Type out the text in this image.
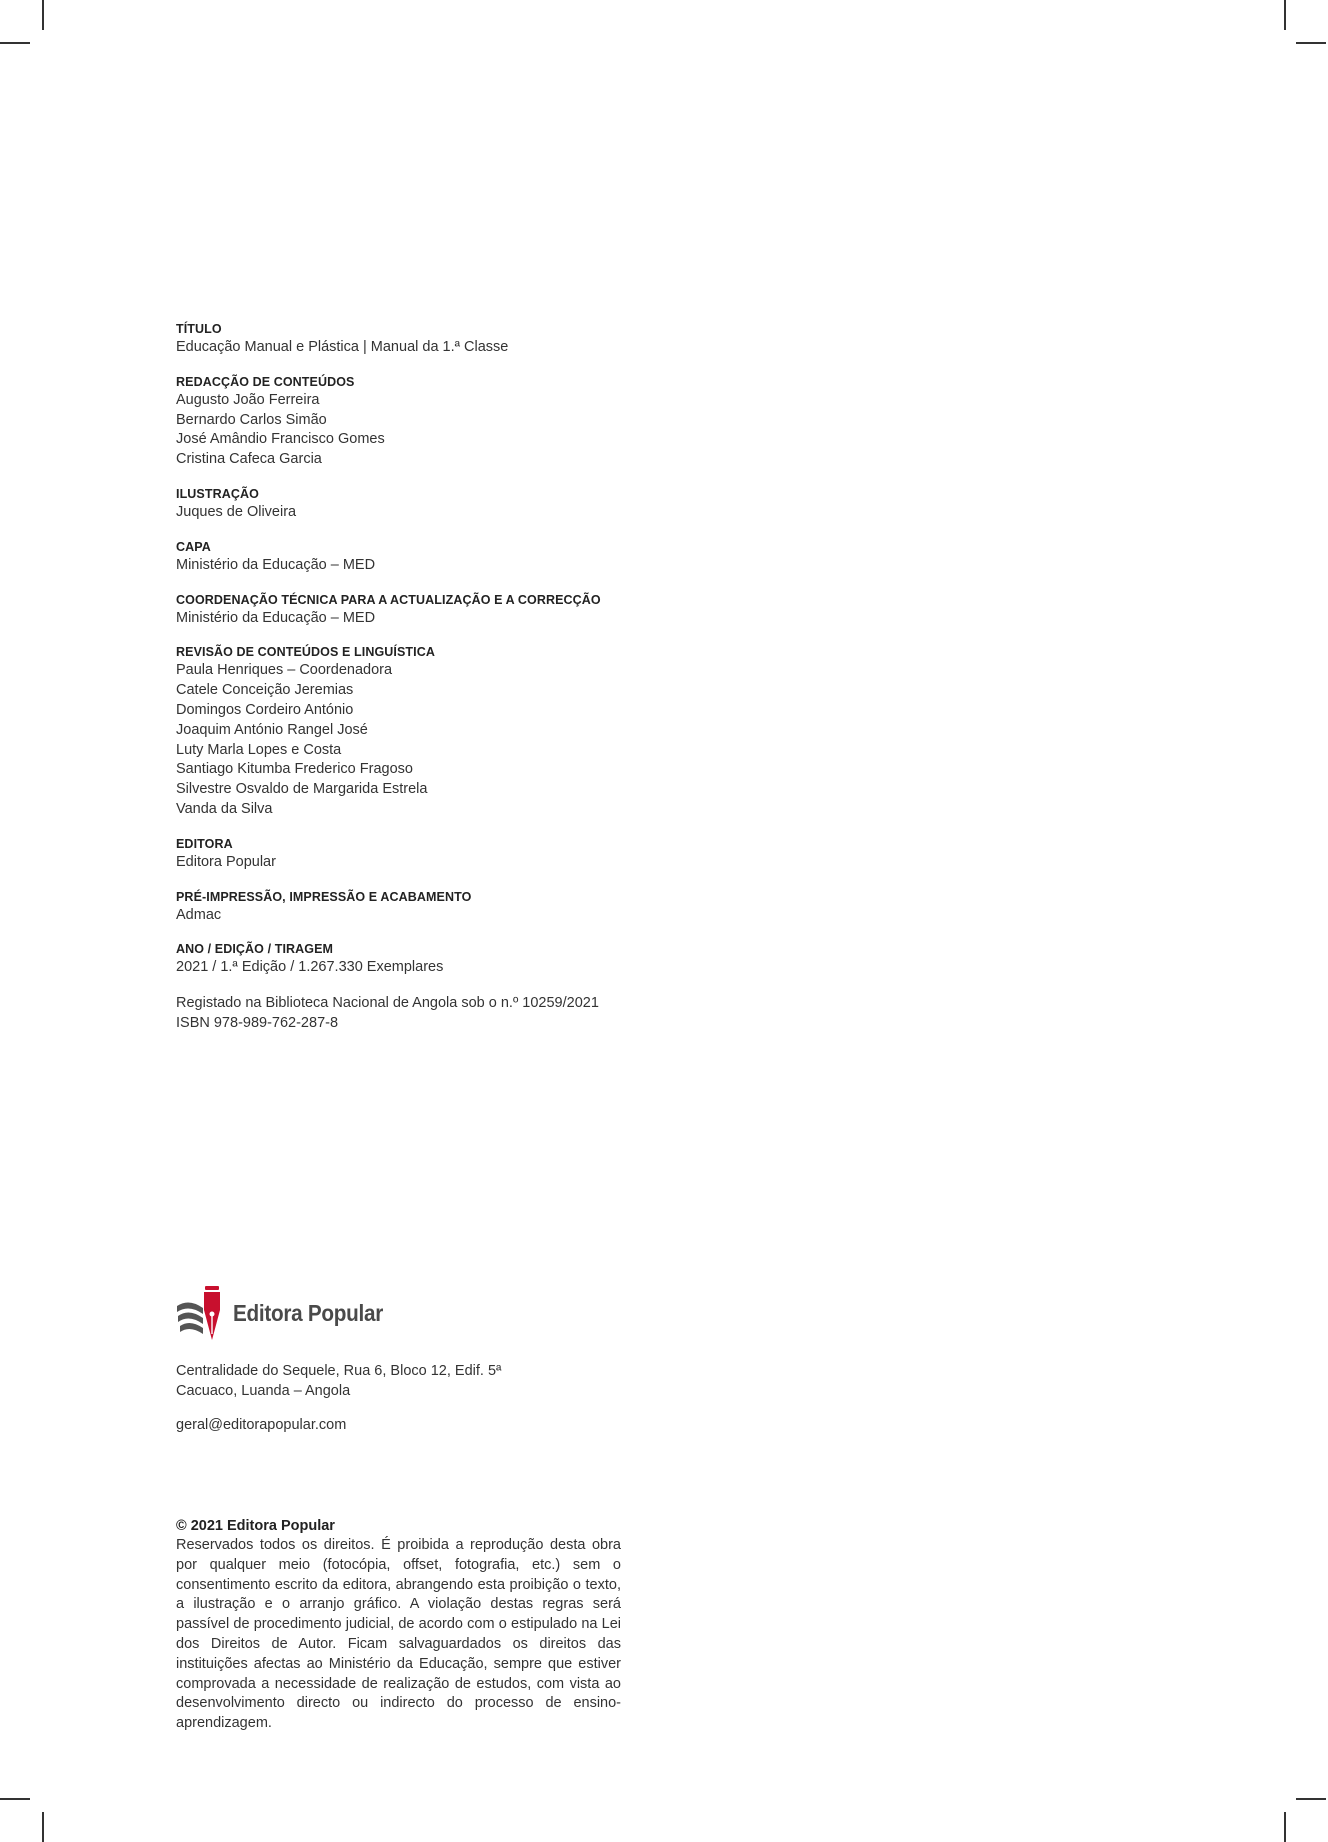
TÍTULO
Educação Manual e Plástica | Manual da 1.ª Classe
REDACÇÃO DE CONTEÚDOS
Augusto João Ferreira
Bernardo Carlos Simão
José Amândio Francisco Gomes
Cristina Cafeca Garcia
ILUSTRAÇÃO
Juques de Oliveira
CAPA
Ministério da Educação – MED
COORDENAÇÃO TÉCNICA PARA A ACTUALIZAÇÃO E A CORRECÇÃO
Ministério da Educação – MED
REVISÃO DE CONTEÚDOS E LINGUÍSTICA
Paula Henriques – Coordenadora
Catele Conceição Jeremias
Domingos Cordeiro António
Joaquim António Rangel José
Luty Marla Lopes e Costa
Santiago Kitumba Frederico Fragoso
Silvestre Osvaldo de Margarida Estrela
Vanda da Silva
EDITORA
Editora Popular
PRÉ-IMPRESSÃO, IMPRESSÃO E ACABAMENTO
Admac
ANO / EDIÇÃO / TIRAGEM
2021 / 1.ª Edição / 1.267.330 Exemplares
Registado na Biblioteca Nacional de Angola sob o n.º 10259/2021
ISBN 978-989-762-287-8
Editora Popular
Centralidade do Sequele, Rua 6, Bloco 12, Edif. 5ª
Cacuaco, Luanda – Angola
geral@editorapopular.com
© 2021 Editora Popular

Reservados todos os direitos. É proibida a reprodução desta obra por qualquer meio (fotocópia, offset, fotografia, etc.) sem o consentimento escrito da editora, abrangendo esta proibição o texto, a ilustração e o arranjo gráfico. A violação destas regras será passível de procedimento judicial, de acordo com o estipulado na Lei dos Direitos de Autor. Ficam salvaguardados os direitos das instituições afectas ao Ministério da Educação, sempre que estiver comprovada a necessidade de realização de estudos, com vista ao desenvolvimento directo ou indirecto do processo de ensino-aprendizagem.
